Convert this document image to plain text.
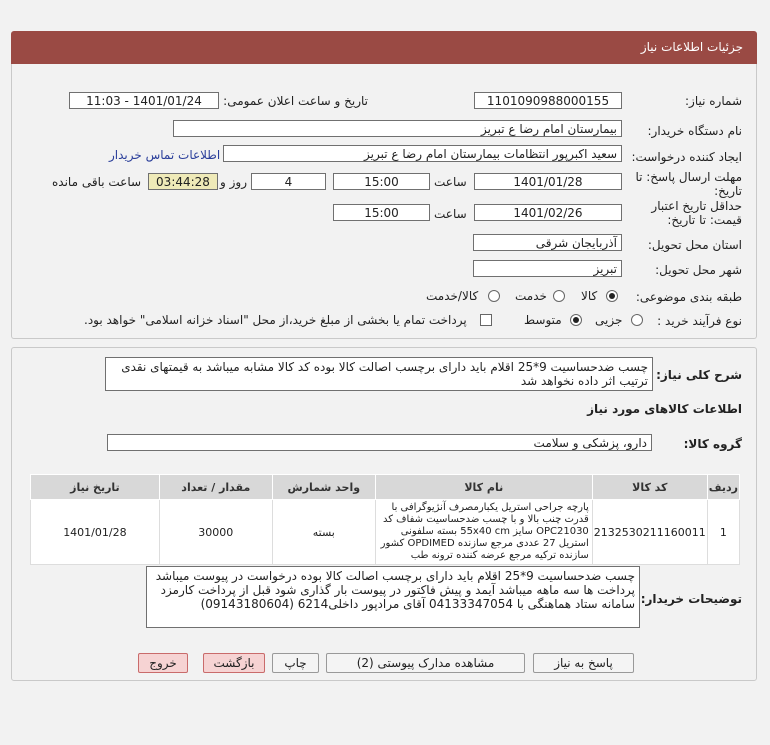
جزئیات اطلاعات نیاز
شماره نیاز:
1101090988000155
تاریخ و ساعت اعلان عمومی:
1401/01/24 - 11:03
نام دستگاه خریدار:
بیمارستان امام رضا ع تبریز
ایجاد کننده درخواست:
سعید اکبرپور انتظامات بیمارستان امام رضا ع تبریز
اطلاعات تماس خریدار
مهلت ارسال پاسخ: تا
تاریخ:
1401/01/28
ساعت
15:00
4
روز و
03:44:28
ساعت باقی مانده
حداقل تاریخ اعتبار
قیمت: تا تاریخ:
1401/02/26
ساعت
15:00
استان محل تحویل:
آذربایجان شرقی
شهر محل تحویل:
تبریز
طبقه بندی موضوعی:
کالا
خدمت
کالا/خدمت
نوع فرآیند خرید :
جزیی
متوسط
پرداخت تمام یا بخشی از مبلغ خرید،از محل "اسناد خزانه اسلامی" خواهد بود.
شرح کلی نیاز:
چسب ضدحساسیت 9*25 اقلام باید دارای برچسب اصالت کالا بوده کد کالا مشابه میباشد به قیمتهای نقدی ترتیب اثر داده نخواهد شد
اطلاعات کالاهای مورد نیاز
گروه کالا:
دارو، پزشکی و سلامت
ردیف	کد کالا	نام کالا	واحد شمارش	مقدار / تعداد	تاریخ نیاز
1	2132530211160011	پارچه جراحی استریل یکبارمصرف آنژیوگرافی با قدرت چنب بالا و با چسب ضدحساسیت شفاف کد OPC21030 سایز 55x40 cm بسته سلفونی استریل 27 عددی مرجع سازنده OPDIMED کشور سازنده ترکیه مرجع عرضه کننده ترونه طب	بسته	30000	1401/01/28
توضیحات خریدار:
چسب ضدحساسیت 9*25 اقلام باید دارای برچسب اصالت کالا بوده درخواست در پیوست میباشد پرداخت ها سه ماهه میباشد آیمد و پیش فاکتور در پیوست بار گذاری شود قبل از پرداخت کارمزد سامانه ستاد هماهنگی با 04133347054 آقای مرادپور داخلی6214 (09143180604)
پاسخ به نیاز
مشاهده مدارک پیوستی (2)
چاپ
بازگشت
خروج
